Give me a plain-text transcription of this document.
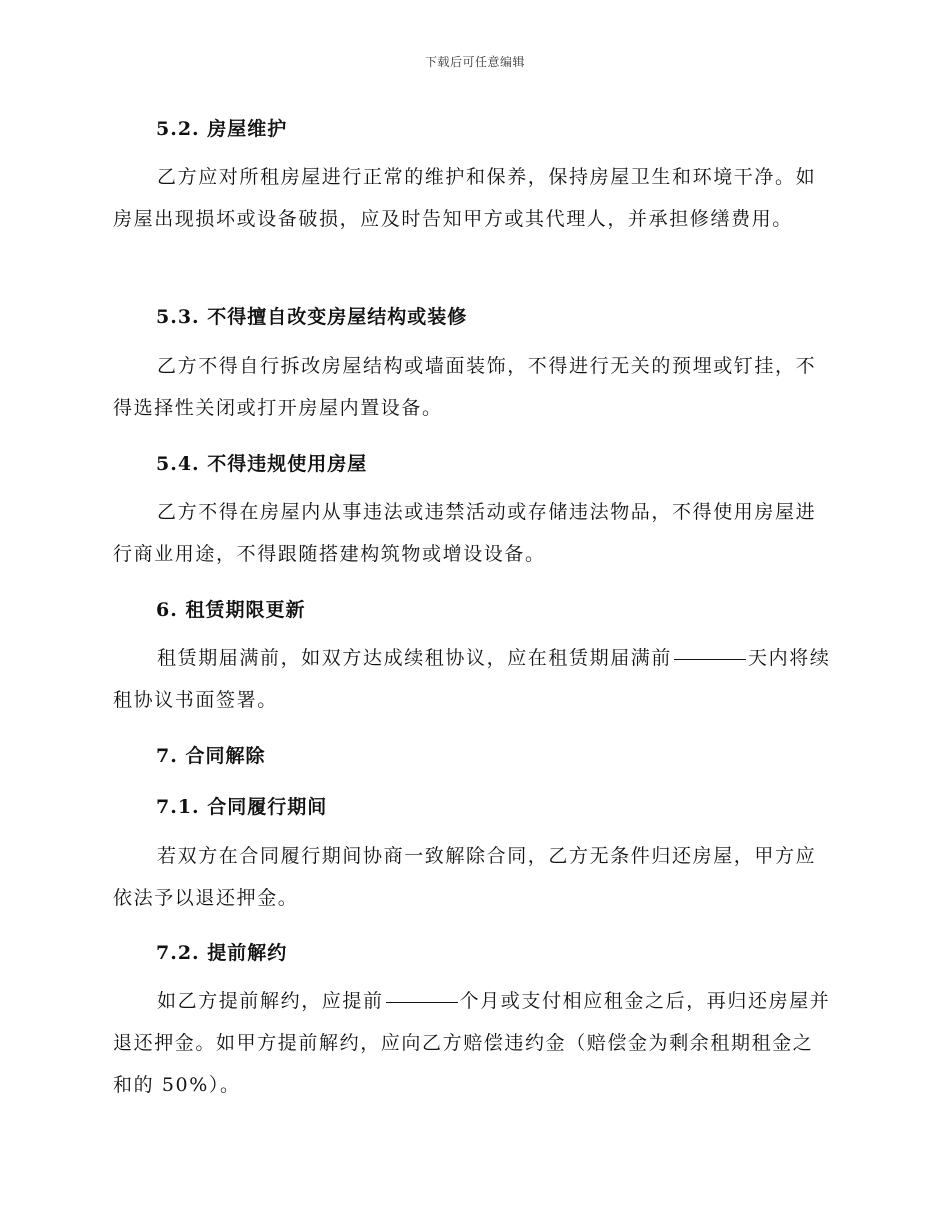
下载后可任意编辑
5.2. 房屋维护
乙方应对所租房屋进行正常的维护和保养，保持房屋卫生和环境干净。如房屋出现损坏或设备破损，应及时告知甲方或其代理人，并承担修缮费用。
5.3. 不得擅自改变房屋结构或装修
乙方不得自行拆改房屋结构或墙面装饰，不得进行无关的预埋或钉挂，不得选择性关闭或打开房屋内置设备。
5.4. 不得违规使用房屋
乙方不得在房屋内从事违法或违禁活动或存储违法物品，不得使用房屋进行商业用途，不得跟随搭建构筑物或增设设备。
6. 租赁期限更新
租赁期届满前，如双方达成续租协议，应在租赁期届满前	天内将续租协议书面签署。
7. 合同解除
7.1. 合同履行期间
若双方在合同履行期间协商一致解除合同，乙方无条件归还房屋，甲方应依法予以退还押金。
7.2. 提前解约
如乙方提前解约，应提前	个月或支付相应租金之后，再归还房屋并退还押金。如甲方提前解约，应向乙方赔偿违约金（赔偿金为剩余租期租金之和的 50%）。
